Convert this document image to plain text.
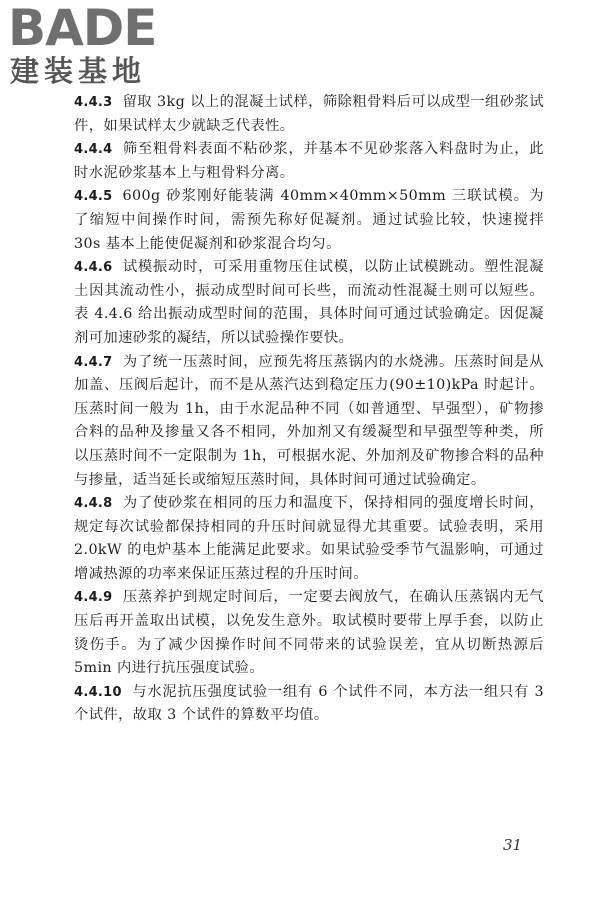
BADE
建装基地

4.4.3 留取 3kg 以上的混凝土试样，筛除粗骨料后可以成型一组砂浆试件，如果试样太少就缺乏代表性。

4.4.4 筛至粗骨料表面不粘砂浆，并基本不见砂浆落入料盘时为止，此时水泥砂浆基本上与粗骨料分离。

4.4.5 600g 砂浆刚好能装满 40mm×40mm×50mm 三联试模。为了缩短中间操作时间，需预先称好促凝剂。通过试验比较，快速搅拌 30s 基本上能使促凝剂和砂浆混合均匀。

4.4.6 试模振动时，可采用重物压住试模，以防止试模跳动。塑性混凝土因其流动性小，振动成型时间可长些，而流动性混凝土则可以短些。表 4.4.6 给出振动成型时间的范围，具体时间可通过试验确定。因促凝剂可加速砂浆的凝结，所以试验操作要快。

4.4.7 为了统一压蒸时间，应预先将压蒸锅内的水烧沸。压蒸时间是从加盖、压阀后起计，而不是从蒸汽达到稳定压力(90±10)kPa 时起计。压蒸时间一般为 1h，由于水泥品种不同（如普通型、早强型），矿物掺合料的品种及掺量又各不相同，外加剂又有缓凝型和早强型等种类，所以压蒸时间不一定限制为 1h，可根据水泥、外加剂及矿物掺合料的品种与掺量，适当延长或缩短压蒸时间，具体时间可通过试验确定。

4.4.8 为了使砂浆在相同的压力和温度下，保持相同的强度增长时间，规定每次试验都保持相同的升压时间就显得尤其重要。试验表明，采用 2.0kW 的电炉基本上能满足此要求。如果试验受季节气温影响，可通过增减热源的功率来保证压蒸过程的升压时间。

4.4.9 压蒸养护到规定时间后，一定要去阀放气，在确认压蒸锅内无气压后再开盖取出试模，以免发生意外。取试模时要带上厚手套，以防止烫伤手。为了减少因操作时间不同带来的试验误差，宜从切断热源后 5min 内进行抗压强度试验。

4.4.10 与水泥抗压强度试验一组有 6 个试件不同，本方法一组只有 3 个试件，故取 3 个试件的算数平均值。

31
